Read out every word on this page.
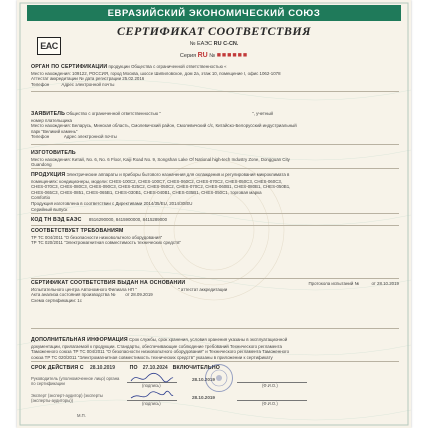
ЕВРАЗИЙСКИЙ ЭКОНОМИЧЕСКИЙ СОЮЗ
СЕРТИФИКАТ СООТВЕТСТВИЯ
EAC	№ ЕАЭС RU С-CN.
Серия RU № ■■■■■■
ОРГАН ПО СЕРТИФИКАЦИИ продукции Общества с ограниченной ответственностью «
Место нахождения: 109122, РОССИЯ, город Москва, шоссе Шипиловское, дом 2а, этаж 10, помещение I, офис 1062-1078
Аттестат аккредитации № дата регистрации 25.02.2016
Телефон	Адрес электронной почты
ЗАЯВИТЕЛЬ Общество с ограниченной ответственностью "	", учетный
номер плательщика
Место нахождения: Беларусь, Минская область, Смолевичский район, Смолевичский с/с, Китайско-Белорусский индустриальный
парк "Великий камень"
Телефон	Адрес электронной почты
ИЗГОТОВИТЕЛЬ
Место нахождения: Китай, No. 6, No. 6 Floor, Kaiji Road No. 9, Songshan Lake Of National high-tech Industry Zone, Dongguan City
Guandong
ПРОДУКЦИЯ Электрические аппараты и приборы бытового назначения для охлаждения и регулирования микроклимата в
помещениях: кондиционеры, модели: CHES-100C2, CHES-100C7, CHES-060C2, CHES-070C2, CHES-050C3, CHES-060C3,
CHES-070C3, CHES-080C3, CHES-090C3, CHES-025C2, CHES-050C2, CHES-070C2, CHES-060B1, CHES-080B1, CHES-050B1,
CHES-065C3, CHES-0851, CHES-065B1, CHES-030B1, CHES-040B1, CHES-035B1, CHES-050C1, торговая марка
Comfortio
Продукция изготовлена в соответствии с Директивами 2014/35/EU, 2014/30/EU
Серийный выпуск
КОД ТН ВЭД ЕАЭС 8516290000, 8415900000, 8415289000
СООТВЕТСТВУЕТ ТРЕБОВАНИЯМ
ТР ТС 004/2011 "О безопасности низковольтного оборудования"
ТР ТС 020/2011 "Электромагнитная совместимость технических средств"
СЕРТИФИКАТ СООТВЕТСТВИЯ ВЫДАН НА ОСНОВАНИИ	Протокола испытаний №	от 28.10.2019
Испытательного центра Автономного Филиала НП "	" аттестат аккредитации
Акта анализа состояния производства № от 28.09.2019
Схема сертификации: 1с
ДОПОЛНИТЕЛЬНАЯ ИНФОРМАЦИЯ Срок службы, срок хранения, условия хранения указаны в эксплуатационной
документации, прилагаемой к продукции. Стандарты, обеспечивающие соблюдение требований Технического регламента
Таможенного союза ТР ТС 004/2011 "О безопасности низковольтного оборудования" и Технического регламента Таможенного
союза ТР ТС 020/2011 "Электромагнитная совместимость технических средств" указаны в приложении к сертификату
СРОК ДЕЙСТВИЯ С 28.10.2019	ПО 27.10.2024 ВКЛЮЧИТЕЛЬНО
Руководитель (уполномоченное лицо) органа по сертификации	(подпись)
28.10.2019
(Ф.И.О.)
Эксперт (эксперт-аудитор) (эксперты (эксперты-аудиторы))
(подпись)
28.10.2019
(Ф.И.О.)
М.П.
